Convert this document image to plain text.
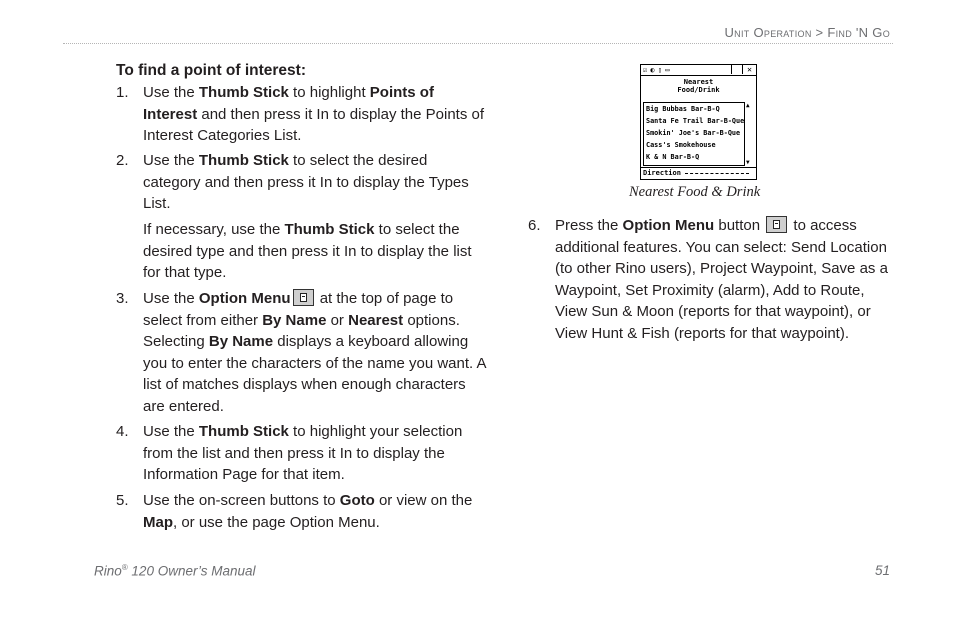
Unit Operation > Find 'N Go
To find a point of interest:
1. Use the Thumb Stick to highlight Points of Interest and then press it In to display the Points of Interest Categories List.
2. Use the Thumb Stick to select the desired category and then press it In to display the Types List.
If necessary, use the Thumb Stick to select the desired type and then press it In to display the list for that type.
3. Use the Option Menu at the top of page to select from either By Name or Nearest options. Selecting By Name displays a keyboard allowing you to enter the characters of the name you want. A list of matches displays when enough characters are entered.
4. Use the Thumb Stick to highlight your selection from the list and then press it In to display the Information Page for that item.
5. Use the on-screen buttons to Goto or view on the Map, or use the page Option Menu.
☑ ◐ ▯ ▭	✕
Nearest
Food/Drink
Big Bubbas Bar-B-Q
Santa Fe Trail Bar-B-Que
Smokin' Joe's Bar-B-Que
Cass's Smokehouse
K & N Bar-B-Q
▲
▼
Direction
Nearest Food & Drink
6. Press the Option Menu button  to access additional features. You can select: Send Location (to other Rino users), Project Waypoint, Save as a Waypoint, Set Proximity (alarm), Add to Route, View Sun & Moon (reports for that waypoint), or View Hunt & Fish (reports for that waypoint).
Rino® 120 Owner’s Manual	51
